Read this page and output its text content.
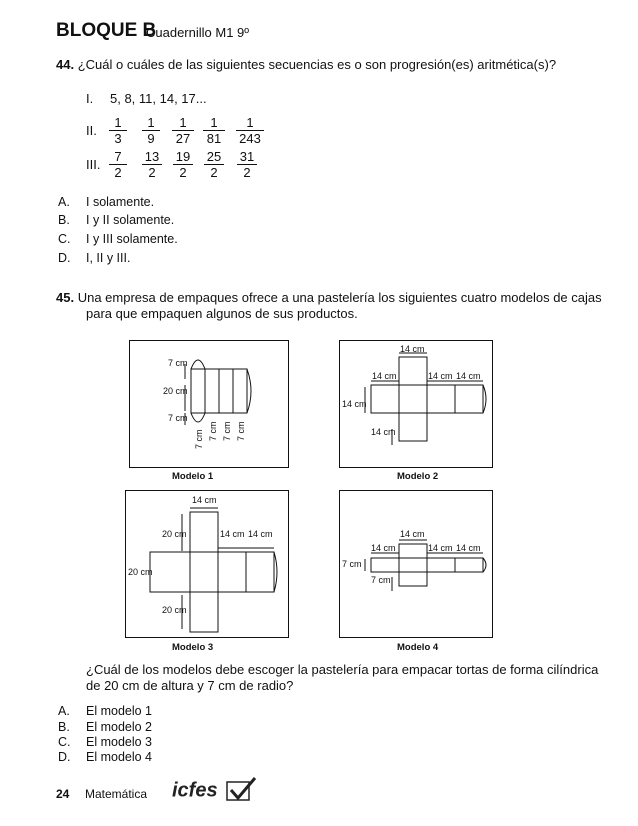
BLOQUE B
Cuadernillo M1 9º
44. ¿Cuál o cuáles de las siguientes secuencias es o son progresión(es) aritmética(s)?
I. 5, 8, 11, 14, 17...
II. $\frac{1}{3} \frac{1}{9} \frac{1}{27} \frac{1}{81} \frac{1}{243}$
III. $\frac{7}{2} \frac{13}{2} \frac{19}{2} \frac{25}{2} \frac{31}{2}$
A. I solamente.
B. I y II solamente.
C. I y III solamente.
D. I, II y III.
45. Una empresa de empaques ofrece a una pastelería los siguientes cuatro modelos de cajas
para que empaquen algunos de sus productos.
7 cm
20 cm
7 cm
7 cm 7 cm 7 cm 7 cm
Modelo 1
14 cm
14 cm	14 cm 14 cm
14 cm
14 cm
Modelo 2
14 cm
20 cm	14 cm 14 cm
20 cm
20 cm
Modelo 3
14 cm
14 cm	14 cm 14 cm
7 cm
7 cm
Modelo 4
¿Cuál de los modelos debe escoger la pastelería para empacar tortas de forma cilíndrica
de 20 cm de altura y 7 cm de radio?
A. El modelo 1
B. El modelo 2
C. El modelo 3
D. El modelo 4
24 Matemática icfes
